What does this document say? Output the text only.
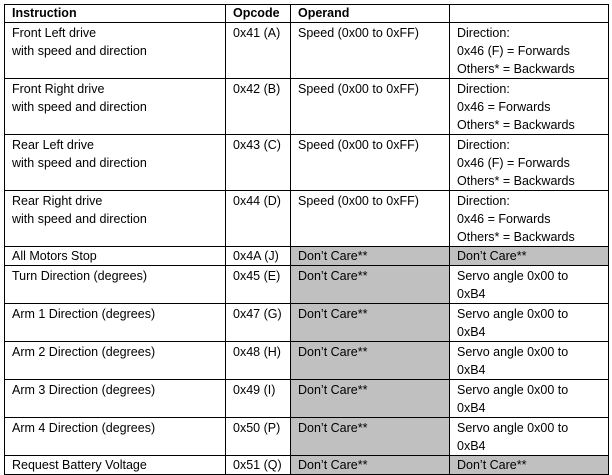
Instruction	Opcode	Operand	

Front Left drive
with speed and direction	0x41 (A)	Speed (0x00 to 0xFF)	Direction:
0x46 (F) = Forwards
Others* = Backwards

Front Right drive
with speed and direction	0x42 (B)	Speed (0x00 to 0xFF)	Direction:
0x46 = Forwards
Others* = Backwards

Rear Left drive
with speed and direction	0x43 (C)	Speed (0x00 to 0xFF)	Direction:
0x46 (F) = Forwards
Others* = Backwards

Rear Right drive
with speed and direction	0x44 (D)	Speed (0x00 to 0xFF)	Direction:
0x46 = Forwards
Others* = Backwards

All Motors Stop	0x4A (J)	Don’t Care**	Don’t Care**

Turn Direction (degrees)	0x45 (E)	Don’t Care**	Servo angle 0x00 to
0xB4

Arm 1 Direction (degrees)	0x47 (G)	Don’t Care**	Servo angle 0x00 to
0xB4

Arm 2 Direction (degrees)	0x48 (H)	Don’t Care**	Servo angle 0x00 to
0xB4

Arm 3 Direction (degrees)	0x49 (I)	Don’t Care**	Servo angle 0x00 to
0xB4

Arm 4 Direction (degrees)	0x50 (P)	Don’t Care**	Servo angle 0x00 to
0xB4

Request Battery Voltage	0x51 (Q)	Don’t Care**	Don’t Care**
